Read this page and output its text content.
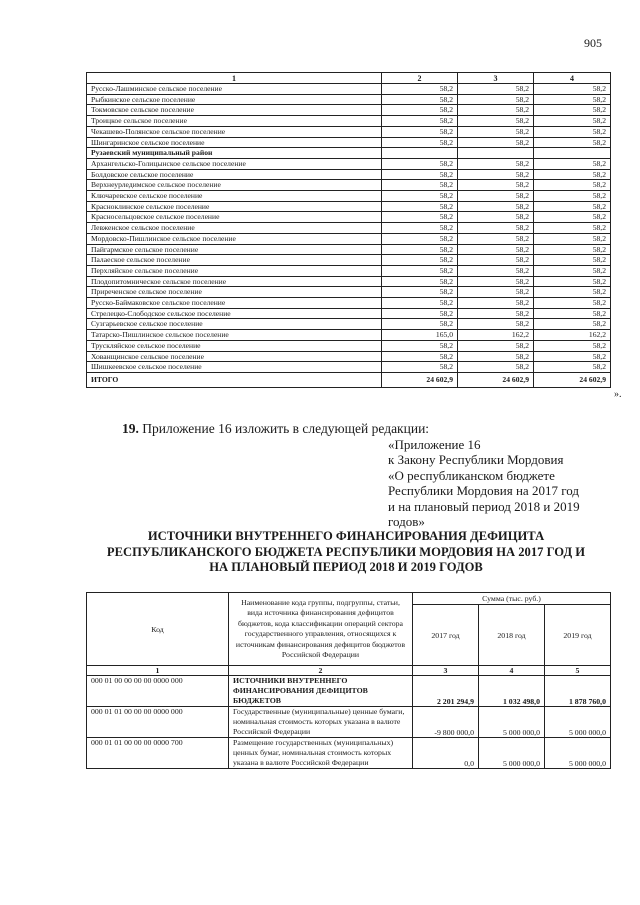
905
1	2	3	4
Русско-Лашминское сельское поселение	58,2	58,2	58,2
Рыбкинское сельское поселение	58,2	58,2	58,2
Токмовское сельское поселение	58,2	58,2	58,2
Троицкое сельское поселение	58,2	58,2	58,2
Чекашево-Полянское сельское поселение	58,2	58,2	58,2
Шингаринское сельское поселение	58,2	58,2	58,2
Рузаевский муниципальный район			
Архангельско-Голицынское сельское поселение	58,2	58,2	58,2
Болдовское сельское поселение	58,2	58,2	58,2
Верхнеурледимское сельское поселение	58,2	58,2	58,2
Ключаревское сельское поселение	58,2	58,2	58,2
Красноклинское сельское поселение	58,2	58,2	58,2
Красносельцовское сельское поселение	58,2	58,2	58,2
Левженское сельское поселение	58,2	58,2	58,2
Мордовско-Пишлинское сельское поселение	58,2	58,2	58,2
Пайгармское сельское поселение	58,2	58,2	58,2
Палаеское сельское поселение	58,2	58,2	58,2
Перхляйское сельское поселение	58,2	58,2	58,2
Плодопитомническое сельское поселение	58,2	58,2	58,2
Приреченское сельское поселение	58,2	58,2	58,2
Русско-Баймаковское сельское поселение	58,2	58,2	58,2
Стрелецко-Слободское сельское поселение	58,2	58,2	58,2
Сузгарьевское сельское поселение	58,2	58,2	58,2
Татарско-Пишлинское сельское поселение	165,0	162,2	162,2
Трускляйское сельское поселение	58,2	58,2	58,2
Хованщинское сельское поселение	58,2	58,2	58,2
Шишкеевское сельское поселение	58,2	58,2	58,2
ИТОГО	24 602,9	24 602,9	24 602,9
».
19. Приложение 16 изложить в следующей редакции:
«Приложение 16
к Закону Республики Мордовия
«О республиканском бюджете
Республики Мордовия на 2017 год
и на плановый период 2018 и 2019
годов»
ИСТОЧНИКИ ВНУТРЕННЕГО ФИНАНСИРОВАНИЯ ДЕФИЦИТА
РЕСПУБЛИКАНСКОГО БЮДЖЕТА РЕСПУБЛИКИ МОРДОВИЯ НА 2017 ГОД И
НА ПЛАНОВЫЙ ПЕРИОД 2018 И 2019 ГОДОВ
Код	Наименование кода группы, подгруппы, статьи, вида источника финансирования дефицитов бюджетов, кода классификации операций сектора государственного управления, относящихся к источникам финансирования дефицитов бюджетов Российской Федерации	Сумма (тыс. руб.)		
		2017 год	2018 год	2019 год
1	2	3	4	5
000 01 00 00 00 00 0000 000	ИСТОЧНИКИ ВНУТРЕННЕГО ФИНАНСИРОВАНИЯ ДЕФИЦИТОВ БЮДЖЕТОВ	2 201 294,9	1 032 498,0	1 878 760,0
000 01 01 00 00 00 0000 000	Государственные (муниципальные) ценные бумаги, номинальная стоимость которых указана в валюте Российской Федерации	-9 800 000,0	5 000 000,0	5 000 000,0
000 01 01 00 00 00 0000 700	Размещение государственных (муниципальных) ценных бумаг, номинальная стоимость которых указана в валюте Российской Федерации	0,0	5 000 000,0	5 000 000,0
